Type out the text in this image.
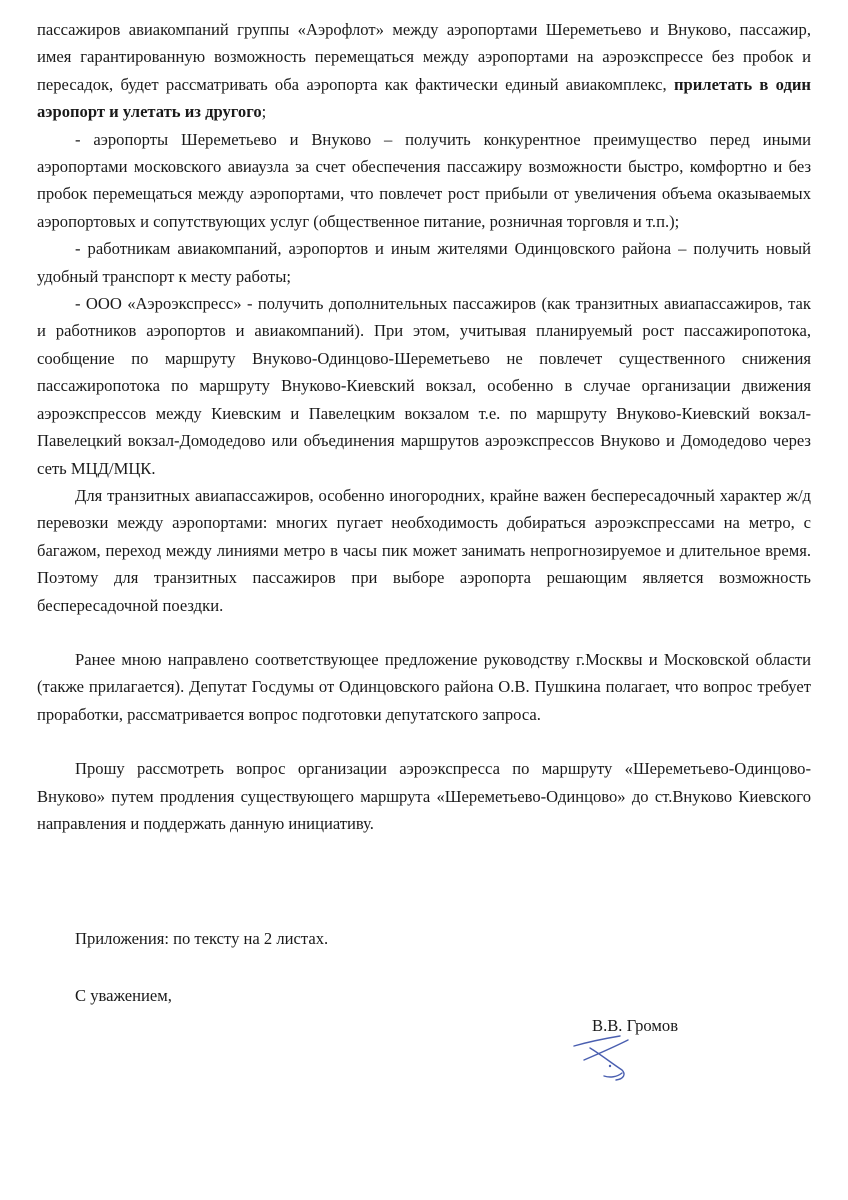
пассажиров авиакомпаний группы «Аэрофлот» между аэропортами Шереметьево и Внуково, пассажир, имея гарантированную возможность перемещаться между аэропортами на аэроэкспрессе без пробок и пересадок, будет рассматривать оба аэропорта как фактически единый авиакомплекс, прилетать в один аэропорт и улетать из другого;

- аэропорты Шереметьево и Внуково – получить конкурентное преимущество перед иными аэропортами московского авиаузла за счет обеспечения пассажиру возможности быстро, комфортно и без пробок перемещаться между аэропортами, что повлечет рост прибыли от увеличения объема оказываемых аэропортовых и сопутствующих услуг (общественное питание, розничная торговля и т.п.);

- работникам авиакомпаний, аэропортов и иным жителями Одинцовского района – получить новый удобный транспорт к месту работы;

- ООО «Аэроэкспресс» - получить дополнительных пассажиров (как транзитных авиапассажиров, так и работников аэропортов и авиакомпаний). При этом, учитывая планируемый рост пассажиропотока, сообщение по маршруту Внуково-Одинцово-Шереметьево не повлечет существенного снижения пассажиропотока по маршруту Внуково-Киевский вокзал, особенно в случае организации движения аэроэкспрессов между Киевским и Павелецким вокзалом т.е. по маршруту Внуково-Киевский вокзал-Павелецкий вокзал-Домодедово или объединения маршрутов аэроэкспрессов Внуково и Домодедово через сеть МЦД/МЦК.

Для транзитных авиапассажиров, особенно иногородних, крайне важен беспересадочный характер ж/д перевозки между аэропортами: многих пугает необходимость добираться аэроэкспрессами на метро, с багажом, переход между линиями метро в часы пик может занимать непрогнозируемое и длительное время. Поэтому для транзитных пассажиров при выборе аэропорта решающим является возможность беспересадочной поездки.

Ранее мною направлено соответствующее предложение руководству г.Москвы и Московской области (также прилагается). Депутат Госдумы от Одинцовского района О.В. Пушкина полагает, что вопрос требует проработки, рассматривается вопрос подготовки депутатского запроса.

Прошу рассмотреть вопрос организации аэроэкспресса по маршруту «Шереметьево-Одинцово-Внуково» путем продления существующего маршрута «Шереметьево-Одинцово» до ст.Внуково Киевского направления и поддержать данную инициативу.

Приложения: по тексту на 2 листах.
С уважением,
В.В. Громов
